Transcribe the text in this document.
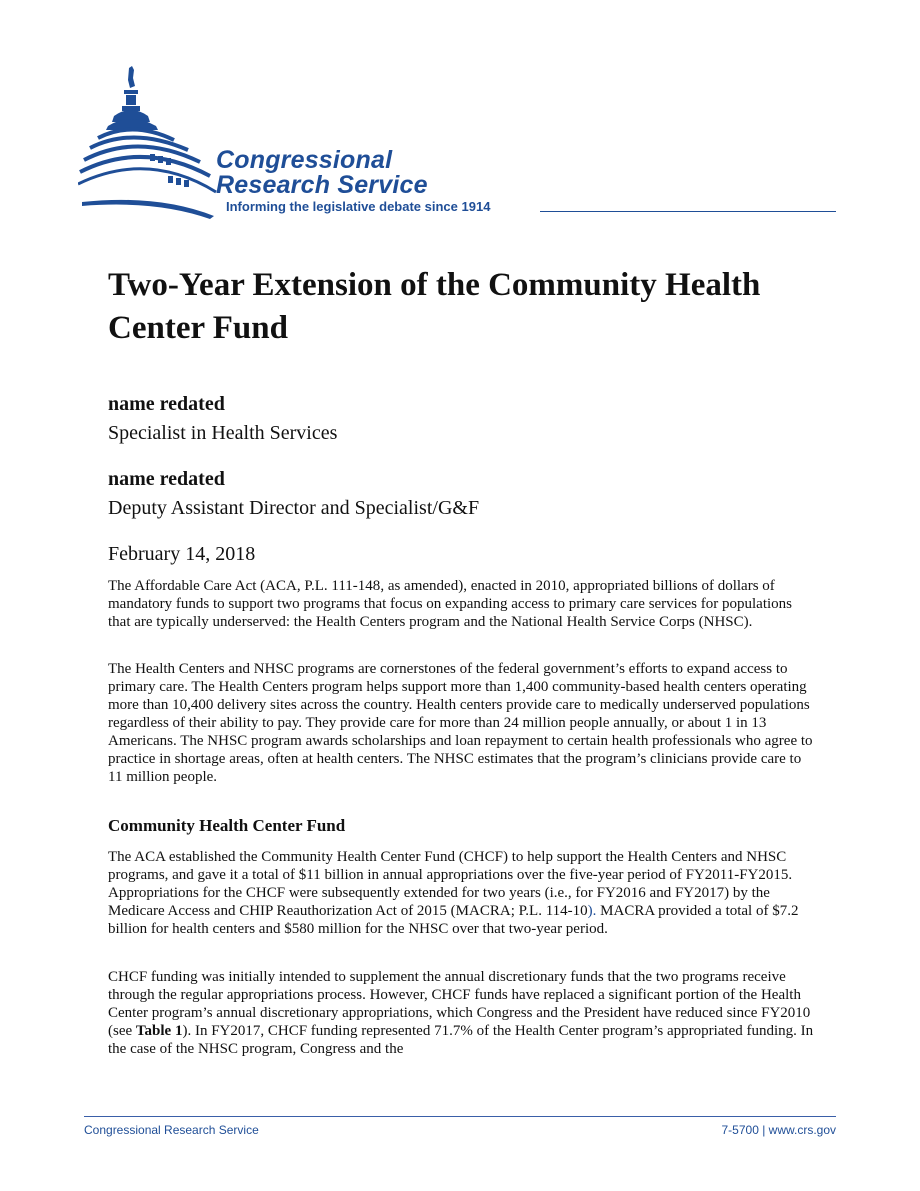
Congressional
Research Service
Informing the legislative debate since 1914
Two-Year Extension of the Community Health Center Fund
name redated
Specialist in Health Services
name redated
Deputy Assistant Director and Specialist/G&F
February 14, 2018

The Affordable Care Act (ACA, P.L. 111-148, as amended), enacted in 2010, appropriated billions of dollars of mandatory funds to support two programs that focus on expanding access to primary care services for populations that are typically underserved: the Health Centers program and the National Health Service Corps (NHSC).

The Health Centers and NHSC programs are cornerstones of the federal government’s efforts to expand access to primary care. The Health Centers program helps support more than 1,400 community-based health centers operating more than 10,400 delivery sites across the country. Health centers provide care to medically underserved populations regardless of their ability to pay. They provide care for more than 24 million people annually, or about 1 in 13 Americans. The NHSC program awards scholarships and loan repayment to certain health professionals who agree to practice in shortage areas, often at health centers. The NHSC estimates that the program’s clinicians provide care to 11 million people.

Community Health Center Fund

The ACA established the Community Health Center Fund (CHCF) to help support the Health Centers and NHSC programs, and gave it a total of $11 billion in annual appropriations over the five-year period of FY2011-FY2015. Appropriations for the CHCF were subsequently extended for two years (i.e., for FY2016 and FY2017) by the Medicare Access and CHIP Reauthorization Act of 2015 (MACRA; P.L. 114-10). MACRA provided a total of $7.2 billion for health centers and $580 million for the NHSC over that two-year period.

CHCF funding was initially intended to supplement the annual discretionary funds that the two programs receive through the regular appropriations process. However, CHCF funds have replaced a significant portion of the Health Center program’s annual discretionary appropriations, which Congress and the President have reduced since FY2010 (see Table 1). In FY2017, CHCF funding represented 71.7% of the Health Center program’s appropriated funding. In the case of the NHSC program, Congress and the

Congressional Research Service	7-5700 | www.crs.gov
